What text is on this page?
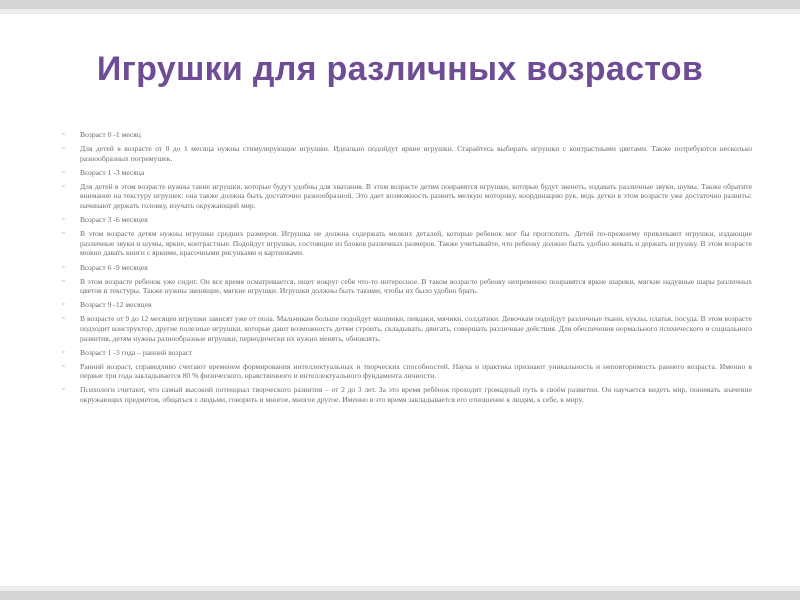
Игрушки для различных возрастов
▫ Возраст 0 -1 месяц
▫ Для детей в возрасте от 0 до 1 месяца нужны стимулирующие игрушки. Идеально подойдут яркие игрушки. Старайтесь выбирать игрушки с контрастными цветами. Также потребуются несколько разнообразных погремушек.
▫ Возраст 1 -3 месяца
▫ Для детей в этом возрасте нужны такие игрушки, которые будут удобны для хватания. В этом возрасте детям понравятся игрушки, которые будут звенеть, издавать различные звуки, шумы. Также обратите внимание на текстуру игрушек: она также должна быть достаточно разнообразной. Это дает возможность развить мелкую моторику, координацию рук, ведь детки в этом возрасте уже достаточно развиты: начинают держать головку, изучать окружающий мир.
▫ Возраст 3 -6 месяцев
▫ В этом возрасте детям нужны игрушки средних размеров. Игрушка не должна содержать мелких деталей, которые ребенок мог бы проглотить. Детей по-прежнему привлекают игрушки, издающие различные звуки и шумы, яркие, контрастные. Подойдут игрушки, состоящие из блоков различных размеров. Также учитывайте, что ребенку должно быть удобно жевать и держать игрушку. В этом возрасте можно давать книги с яркими, красочными рисунками и картинками.
▫ Возраст 6 -9 месяцев
▫ В этом возрасте ребенок уже сидит. Он все время осматривается, ищет вокруг себя что-то интересное. В таком возрасте ребенку непременно понравятся яркие шарики, мягкие надувные шары различных цветов и текстуры. Также нужны звенящие, мягкие игрушки. Игрушки должны быть такими, чтобы их было удобно брать.
▫ Возраст 9 -12 месяцев
▫ В возрасте от 9 до 12 месяцев игрушки зависят уже от пола. Мальчикам больше подойдут машинки, пивдаки, мячики, солдатики. Девочкам подойдут различные ткани, куклы, платья, посуда. В этом возрасте подходит конструктор, другие полезные игрушки, которые дают возможность детям строить, складывать, двигать, совершать различные действия. Для обеспечения нормального психического и социального развития, детям нужны разнообразные игрушки, периодически их нужно менять, обновлять.
▫ Возраст 1 -3 года – ранний возраст
▫ Ранний возраст, справедливо считают временем формирования интеллектуальных и творческих способностей. Наука и практика признают уникальность и неповторимость раннего возраста. Именно в первые три года закладывается 80 % физического, нравственного и интеллектуального фундамента личности.
▫ Психологи считают, что самый высокий потенциал творческого развития – от 2 до 3 лет. За это время ребёнок проходит громадный путь в своём развитии. Он научается видеть мир, понимать значение окружающих предметов, общаться с людьми, говорить и многое, многое другое. Именно в это время закладывается его отношение к людям, к себе, к миру.
